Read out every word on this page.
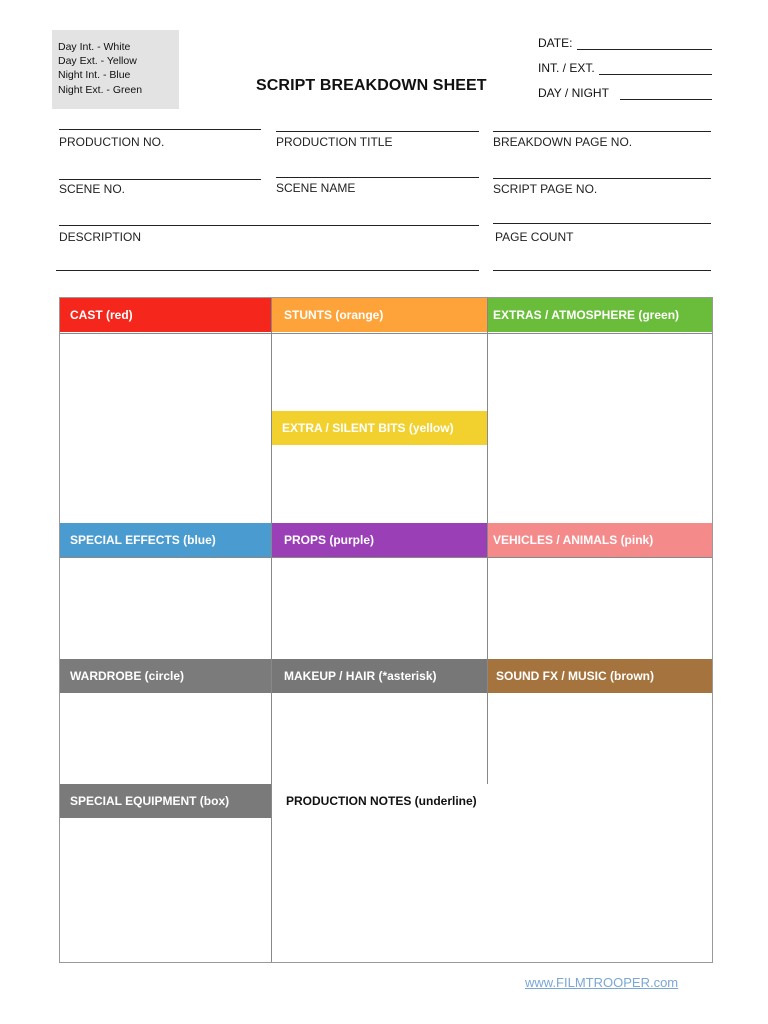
Day Int. - White
Day Ext. - Yellow
Night Int. - Blue
Night Ext. - Green	SCRIPT BREAKDOWN SHEET
DATE:
INT. / EXT.
DAY / NIGHT
PRODUCTION NO.	PRODUCTION TITLE	BREAKDOWN PAGE NO.
SCENE NO.	SCENE NAME	SCRIPT PAGE NO.
DESCRIPTION	PAGE COUNT
CAST (red)	STUNTS (orange)	EXTRAS / ATMOSPHERE (green)
EXTRA / SILENT BITS (yellow)
SPECIAL EFFECTS (blue)	PROPS (purple)	VEHICLES / ANIMALS (pink)
WARDROBE (circle)	MAKEUP / HAIR (*asterisk)	SOUND FX / MUSIC (brown)
SPECIAL EQUIPMENT (box)	PRODUCTION NOTES (underline)
www.FILMTROOPER.com
